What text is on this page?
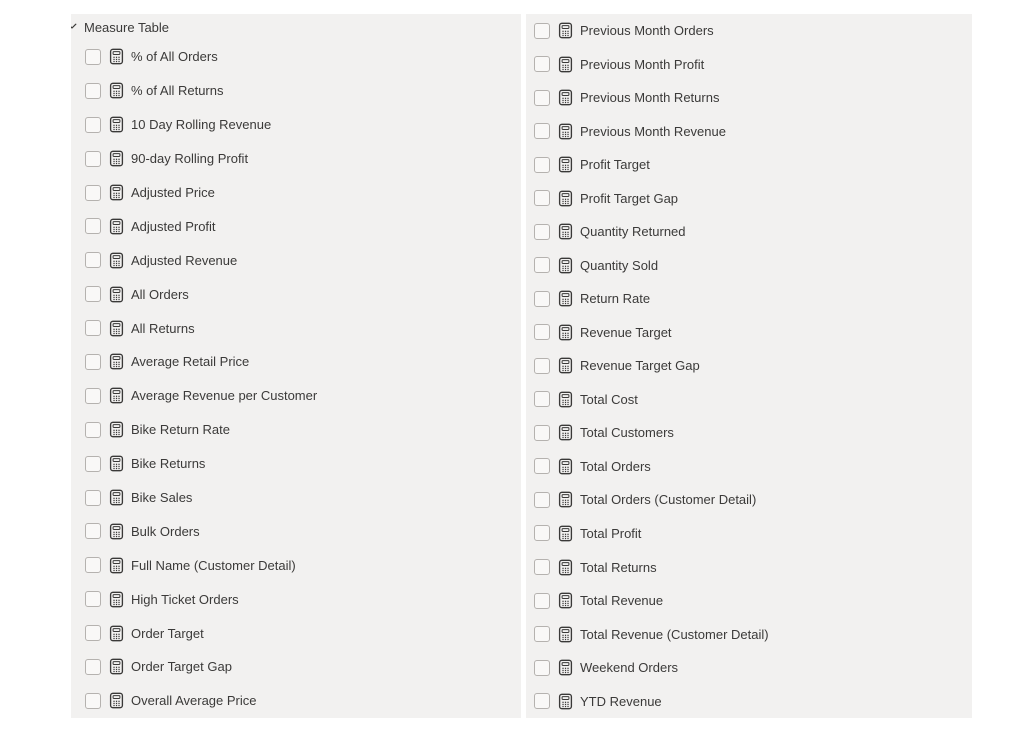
Measure Table
% of All Orders
% of All Returns
10 Day Rolling Revenue
90-day Rolling Profit
Adjusted Price
Adjusted Profit
Adjusted Revenue
All Orders
All Returns
Average Retail Price
Average Revenue per Customer
Bike Return Rate
Bike Returns
Bike Sales
Bulk Orders
Full Name (Customer Detail)
High Ticket Orders
Order Target
Order Target Gap
Overall Average Price
Previous Month Orders
Previous Month Profit
Previous Month Returns
Previous Month Revenue
Profit Target
Profit Target Gap
Quantity Returned
Quantity Sold
Return Rate
Revenue Target
Revenue Target Gap
Total Cost
Total Customers
Total Orders
Total Orders (Customer Detail)
Total Profit
Total Returns
Total Revenue
Total Revenue (Customer Detail)
Weekend Orders
YTD Revenue
